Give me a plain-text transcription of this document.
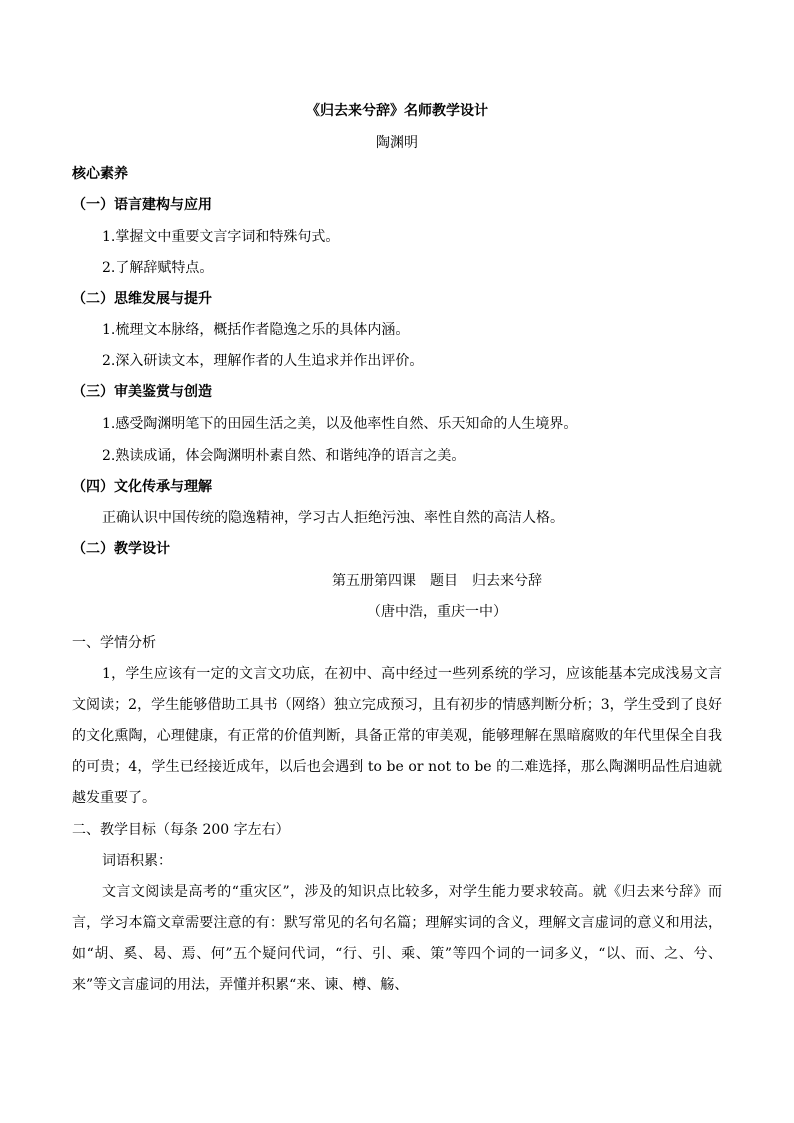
《归去来兮辞》名师教学设计
陶渊明
核心素养
（一）语言建构与应用
1.掌握文中重要文言字词和特殊句式。
2.了解辞赋特点。
（二）思维发展与提升
1.梳理文本脉络，概括作者隐逸之乐的具体内涵。
2.深入研读文本，理解作者的人生追求并作出评价。
（三）审美鉴赏与创造
1.感受陶渊明笔下的田园生活之美，以及他率性自然、乐天知命的人生境界。
2.熟读成诵，体会陶渊明朴素自然、和谐纯净的语言之美。
（四）文化传承与理解
正确认识中国传统的隐逸精神，学习古人拒绝污浊、率性自然的高洁人格。
（二）教学设计
第五册第四课　题目　归去来兮辞
（唐中浩，重庆一中）
一、学情分析
1，学生应该有一定的文言文功底，在初中、高中经过一些列系统的学习，应该能基本完成浅易文言文阅读；2，学生能够借助工具书（网络）独立完成预习，且有初步的情感判断分析；3，学生受到了良好的文化熏陶，心理健康，有正常的价值判断，具备正常的审美观，能够理解在黑暗腐败的年代里保全自我的可贵；4，学生已经接近成年，以后也会遇到 to be or not to be 的二难选择，那么陶渊明品性启迪就越发重要了。
二、教学目标（每条 200 字左右）
词语积累：
文言文阅读是高考的“重灾区”，涉及的知识点比较多，对学生能力要求较高。就《归去来兮辞》而言，学习本篇文章需要注意的有：默写常见的名句名篇；理解实词的含义，理解文言虚词的意义和用法，如“胡、奚、曷、焉、何”五个疑问代词，“行、引、乘、策”等四个词的一词多义，“以、而、之、兮、来”等文言虚词的用法，弄懂并积累“来、谏、樽、觞、
